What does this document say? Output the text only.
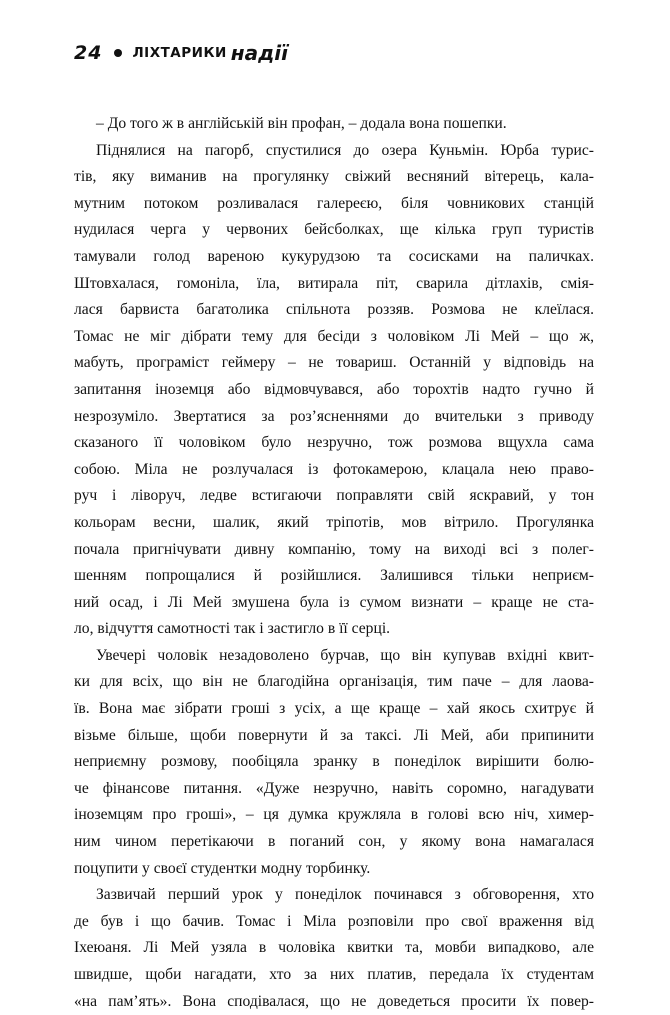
24 ЛІХТАРИКИ надії
– До того ж в англійській він профан, – додала вона пошепки.
Піднялися на пагорб, спустилися до озера Куньмін. Юрба турис-
тів, яку виманив на прогулянку свіжий весняний вітерець, кала-
мутним потоком розливалася галереєю, біля човникових станцій
нудилася черга у червоних бейсболках, ще кілька груп туристів
тамували голод вареною кукурудзою та сосисками на паличках.
Штовхалася, гомоніла, їла, витирала піт, сварила дітлахів, смія-
лася барвиста багатолика спільнота роззяв. Розмова не клеїлася.
Томас не міг дібрати тему для бесіди з чоловіком Лі Мей – що ж,
мабуть, програміст геймеру – не товариш. Останній у відповідь на
запитання іноземця або відмовчувався, або торохтів надто гучно й
незрозуміло. Звертатися за роз’ясненнями до вчительки з приводу
сказаного її чоловіком було незручно, тож розмова вщухла сама
собою. Міла не розлучалася із фотокамерою, клацала нею право-
руч і ліворуч, ледве встигаючи поправляти свій яскравий, у тон
кольорам весни, шалик, який тріпотів, мов вітрило. Прогулянка
почала пригнічувати дивну компанію, тому на виході всі з полег-
шенням попрощалися й розійшлися. Залишився тільки неприєм-
ний осад, і Лі Мей змушена була із сумом визнати – краще не ста-
ло, відчуття самотності так і застигло в її серці.
Увечері чоловік незадоволено бурчав, що він купував вхідні квит-
ки для всіх, що він не благодійна організація, тим паче – для лаова-
їв. Вона має зібрати гроші з усіх, а ще краще – хай якось схитрує й
візьме більше, щоби повернути й за таксі. Лі Мей, аби припинити
неприємну розмову, пообіцяла зранку в понеділок вирішити болю-
че фінансове питання. «Дуже незручно, навіть соромно, нагадувати
іноземцям про гроші», – ця думка кружляла в голові всю ніч, химер-
ним чином перетікаючи в поганий сон, у якому вона намагалася
поцупити у своєї студентки модну торбинку.
Зазвичай перший урок у понеділок починався з обговорення, хто
де був і що бачив. Томас і Міла розповіли про свої враження від
Іхеюаня. Лі Мей узяла в чоловіка квитки та, мовби випадково, але
швидше, щоби нагадати, хто за них платив, передала їх студентам
«на пам’ять». Вона сподівалася, що не доведеться просити їх повер-
